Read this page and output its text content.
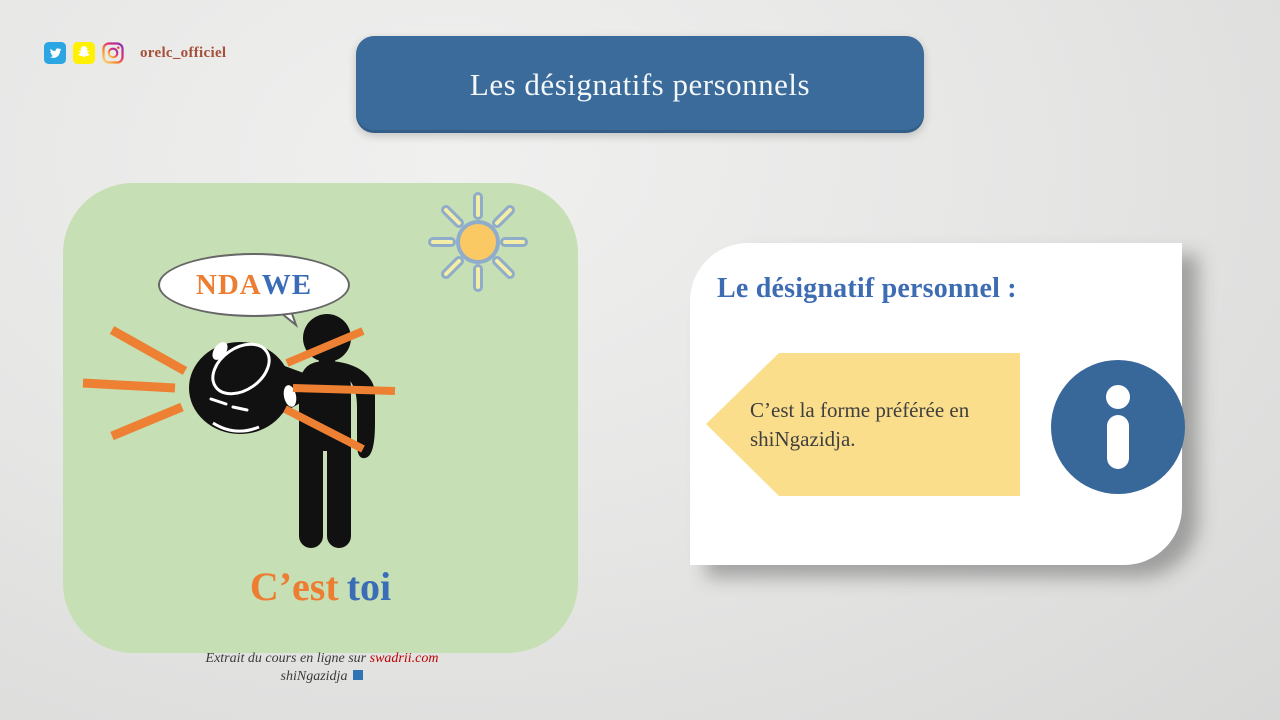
orelc_officiel
Les désignatifs personnels
NDA WE
C’est toi
Le désignatif personnel :
C’est la forme préférée en shiNgazidja.
Extrait du cours en ligne sur swadrii.com
shiNgazidja
